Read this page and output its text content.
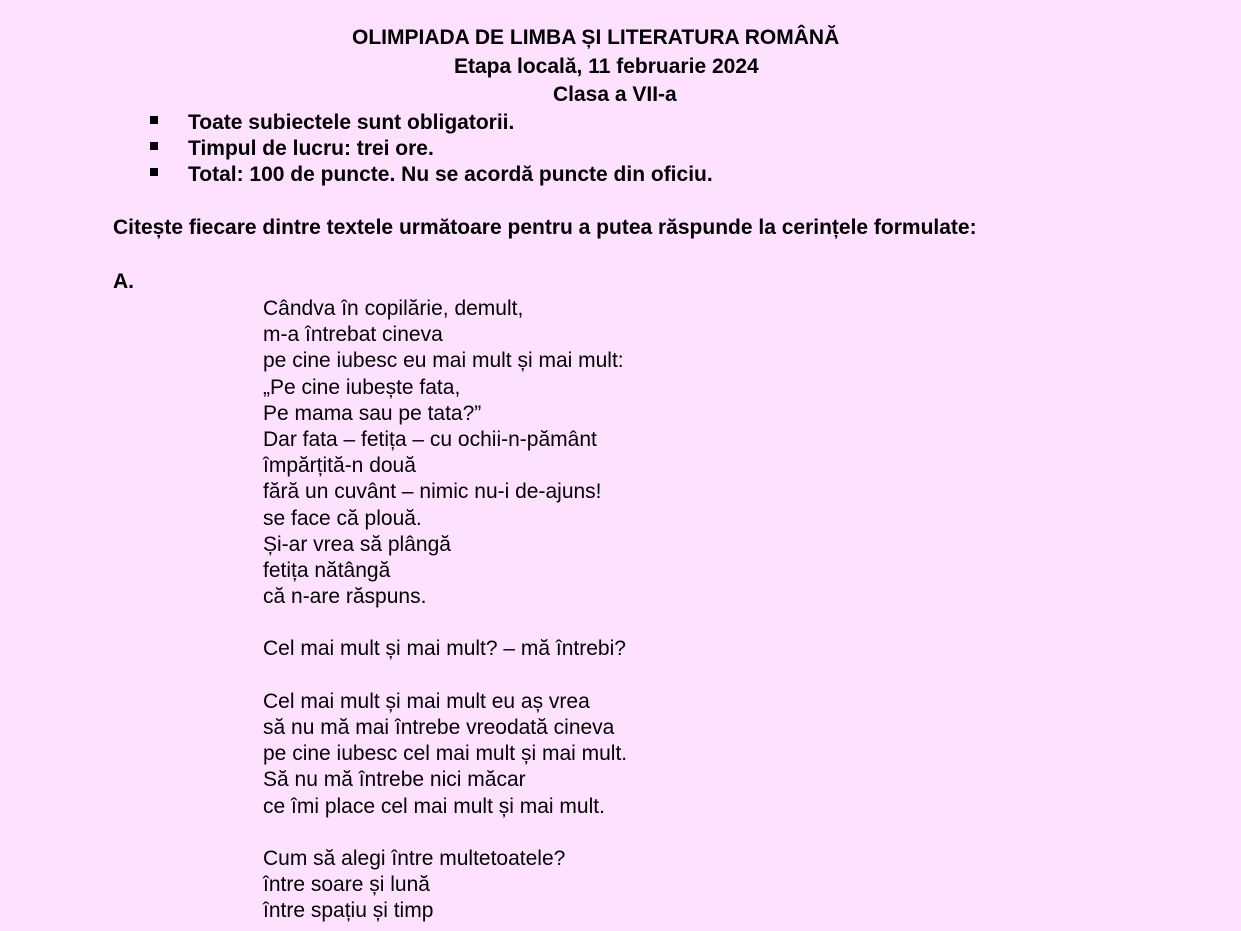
OLIMPIADA DE LIMBA ȘI LITERATURA ROMÂNĂ
Etapa locală, 11 februarie 2024
Clasa a VII-a
Toate subiectele sunt obligatorii.
Timpul de lucru: trei ore.
Total: 100 de puncte. Nu se acordă puncte din oficiu.
Citește fiecare dintre textele următoare pentru a putea răspunde la cerințele formulate:
A.
Cândva în copilărie, demult,
m-a întrebat cineva
pe cine iubesc eu mai mult și mai mult:
„Pe cine iubește fata,
Pe mama sau pe tata?”
Dar fata – fetița – cu ochii-n-pământ
împărțită-n două
fără un cuvânt – nimic nu-i de-ajuns!
se face că plouă.
Și-ar vrea să plângă
fetița nătângă
că n-are răspuns.
Cel mai mult și mai mult? – mă întrebi?
Cel mai mult și mai mult eu aș vrea
să nu mă mai întrebe vreodată cineva
pe cine iubesc cel mai mult și mai mult.
Să nu mă întrebe nici măcar
ce îmi place cel mai mult și mai mult.
Cum să alegi între multetoatele?
între soare și lună
între spațiu și timp
